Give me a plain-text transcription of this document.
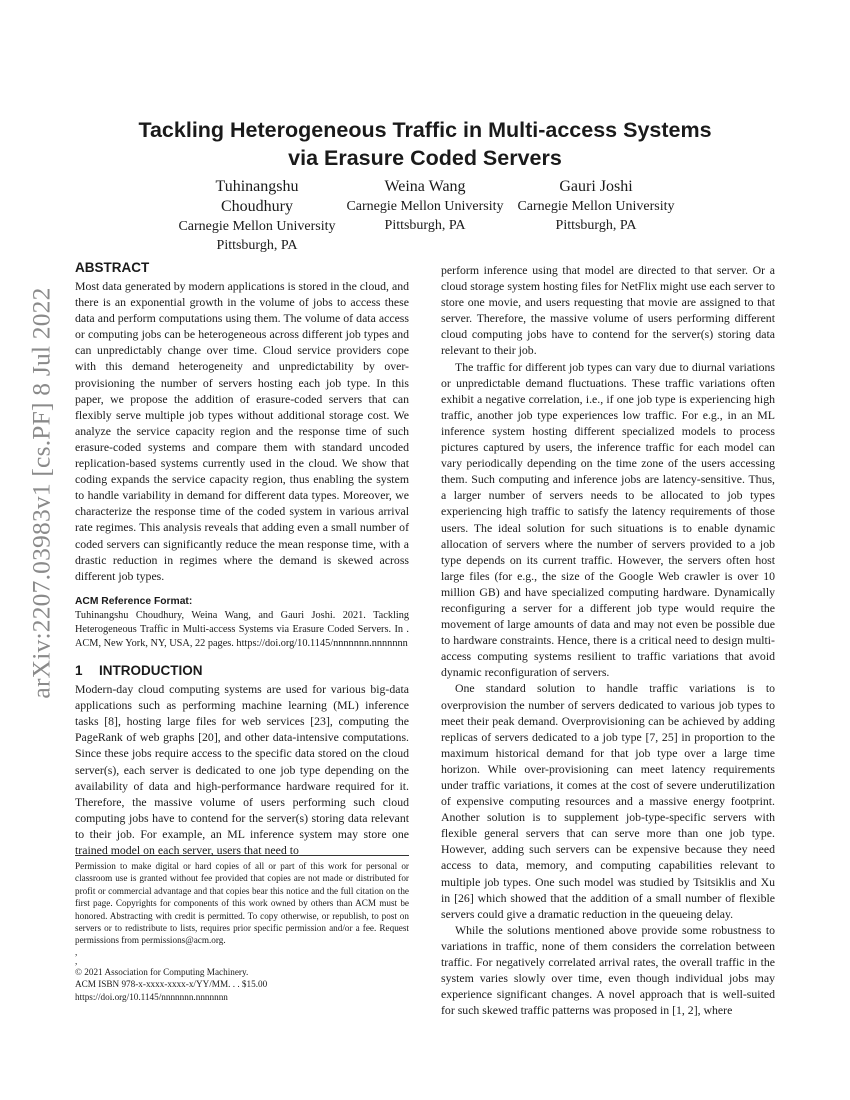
arXiv:2207.03983v1 [cs.PF] 8 Jul 2022
Tackling Heterogeneous Traffic in Multi-access Systems
via Erasure Coded Servers
Tuhinangshu
Choudhury
Carnegie Mellon University
Pittsburgh, PA
Weina Wang
Carnegie Mellon University
Pittsburgh, PA
Gauri Joshi
Carnegie Mellon University
Pittsburgh, PA
ABSTRACT

Most data generated by modern applications is stored in the cloud, and there is an exponential growth in the volume of jobs to access these data and perform computations using them. The volume of data access or computing jobs can be heterogeneous across different job types and can unpredictably change over time. Cloud service providers cope with this demand heterogeneity and unpredictability by over-provisioning the number of servers hosting each job type. In this paper, we propose the addition of erasure-coded servers that can flexibly serve multiple job types without additional storage cost. We analyze the service capacity region and the response time of such erasure-coded systems and compare them with standard uncoded replication-based systems currently used in the cloud. We show that coding expands the service capacity region, thus enabling the system to handle variability in demand for different data types. Moreover, we characterize the response time of the coded system in various arrival rate regimes. This analysis reveals that adding even a small number of coded servers can significantly reduce the mean response time, with a drastic reduction in regimes where the demand is skewed across different job types.

ACM Reference Format:

Tuhinangshu Choudhury, Weina Wang, and Gauri Joshi. 2021. Tackling Heterogeneous Traffic in Multi-access Systems via Erasure Coded Servers. In . ACM, New York, NY, USA, 22 pages. https://doi.org/10.1145/nnnnnnn.nnnnnnn

1 INTRODUCTION

Modern-day cloud computing systems are used for various big-data applications such as performing machine learning (ML) inference tasks [8], hosting large files for web services [23], computing the PageRank of web graphs [20], and other data-intensive computations. Since these jobs require access to the specific data stored on the cloud server(s), each server is dedicated to one job type depending on the availability of data and high-performance hardware required for it. Therefore, the massive volume of users performing such cloud computing jobs have to contend for the server(s) storing data relevant to their job. For example, an ML inference system may store one trained model on each server, users that need to

Permission to make digital or hard copies of all or part of this work for personal or classroom use is granted without fee provided that copies are not made or distributed for profit or commercial advantage and that copies bear this notice and the full citation on the first page. Copyrights for components of this work owned by others than ACM must be honored. Abstracting with credit is permitted. To copy otherwise, or republish, to post on servers or to redistribute to lists, requires prior specific permission and/or a fee. Request permissions from permissions@acm.org.

,
,

© 2021 Association for Computing Machinery.

ACM ISBN 978-x-xxxx-xxxx-x/YY/MM. . . $15.00

https://doi.org/10.1145/nnnnnnn.nnnnnnn

perform inference using that model are directed to that server. Or a cloud storage system hosting files for NetFlix might use each server to store one movie, and users requesting that movie are assigned to that server. Therefore, the massive volume of users performing different cloud computing jobs have to contend for the server(s) storing data relevant to their job.

The traffic for different job types can vary due to diurnal variations or unpredictable demand fluctuations. These traffic variations often exhibit a negative correlation, i.e., if one job type is experiencing high traffic, another job type experiences low traffic. For e.g., in an ML inference system hosting different specialized models to process pictures captured by users, the inference traffic for each model can vary periodically depending on the time zone of the users accessing them. Such computing and inference jobs are latency-sensitive. Thus, a larger number of servers needs to be allocated to job types experiencing high traffic to satisfy the latency requirements of those users. The ideal solution for such situations is to enable dynamic allocation of servers where the number of servers provided to a job type depends on its current traffic. However, the servers often host large files (for e.g., the size of the Google Web crawler is over 10 million GB) and have specialized computing hardware. Dynamically reconfiguring a server for a different job type would require the movement of large amounts of data and may not even be possible due to hardware constraints. Hence, there is a critical need to design multi-access computing systems resilient to traffic variations that avoid dynamic reconfiguration of servers.

One standard solution to handle traffic variations is to overprovision the number of servers dedicated to various job types to meet their peak demand. Overprovisioning can be achieved by adding replicas of servers dedicated to a job type [7, 25] in proportion to the maximum historical demand for that job type over a large time horizon. While over-provisioning can meet latency requirements under traffic variations, it comes at the cost of severe underutilization of expensive computing resources and a massive energy footprint. Another solution is to supplement job-type-specific servers with flexible general servers that can serve more than one job type. However, adding such servers can be expensive because they need access to data, memory, and computing capabilities relevant to multiple job types. One such model was studied by Tsitsiklis and Xu in [26] which showed that the addition of a small number of flexible servers could give a dramatic reduction in the queueing delay.

While the solutions mentioned above provide some robustness to variations in traffic, none of them considers the correlation between traffic. For negatively correlated arrival rates, the overall traffic in the system varies slowly over time, even though individual jobs may experience significant changes. A novel approach that is well-suited for such skewed traffic patterns was proposed in [1, 2], where
